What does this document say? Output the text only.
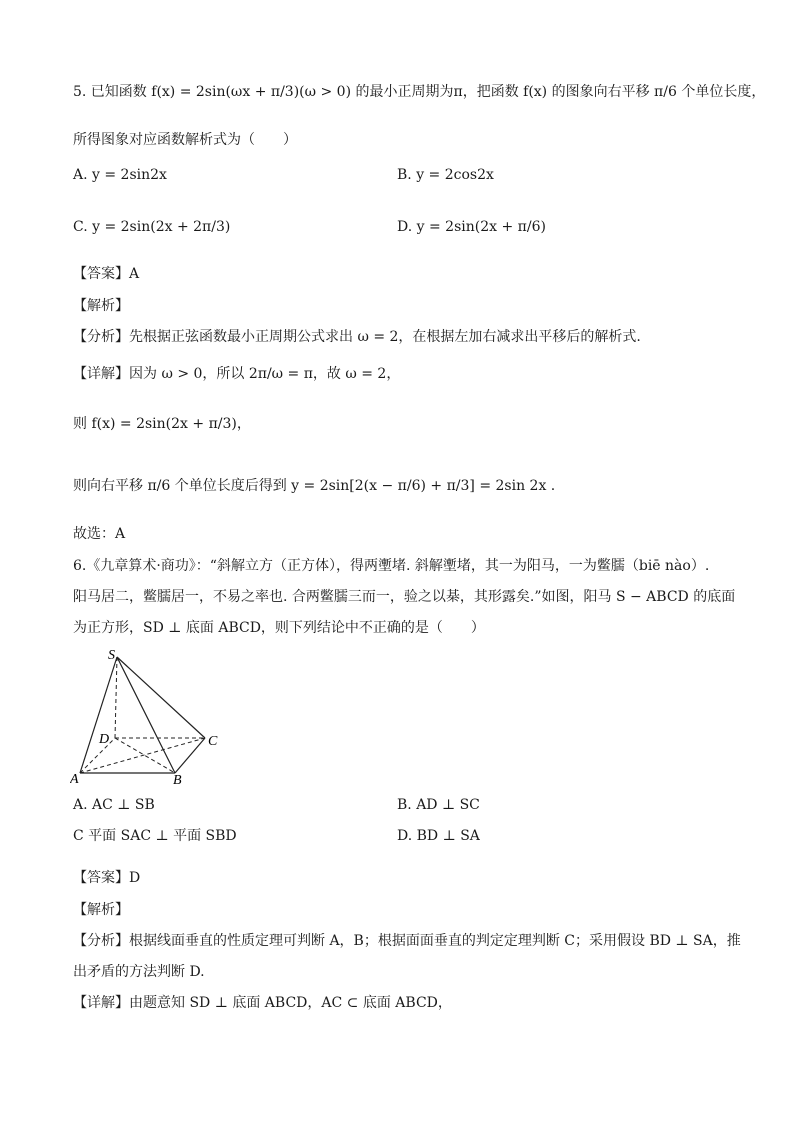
5. 已知函数 f(x) = 2sin(ωx + π/3)(ω > 0) 的最小正周期为π，把函数 f(x) 的图象向右平移 π/6 个单位长度，
所得图象对应函数解析式为（　　）
A. y = 2sin2x	B. y = 2cos2x
C. y = 2sin(2x + 2π/3)	D. y = 2sin(2x + π/6)
【答案】A
【解析】
【分析】先根据正弦函数最小正周期公式求出 ω = 2，在根据左加右减求出平移后的解析式.
【详解】因为 ω > 0，所以 2π/ω = π，故 ω = 2，
则 f(x) = 2sin(2x + π/3)，
则向右平移 π/6 个单位长度后得到 y = 2sin[2(x − π/6) + π/3] = 2sin 2x .
故选：A
6.《九章算术·商功》：“斜解立方（正方体），得两壍堵. 斜解壍堵，其一为阳马，一为鳖臑（biē nào）.
阳马居二，鳖臑居一，不易之率也. 合两鳖臑三而一，验之以棊，其形露矣.”如图，阳马 S − ABCD 的底面
为正方形，SD ⊥ 底面 ABCD，则下列结论中不正确的是（　　）
S
D	C
A	B
A. AC ⊥ SB	B. AD ⊥ SC
C 平面 SAC ⊥ 平面 SBD	D. BD ⊥ SA
【答案】D
【解析】
【分析】根据线面垂直的性质定理可判断 A，B；根据面面垂直的判定定理判断 C；采用假设 BD ⊥ SA，推
出矛盾的方法判断 D.
【详解】由题意知 SD ⊥ 底面 ABCD，AC ⊂ 底面 ABCD，
